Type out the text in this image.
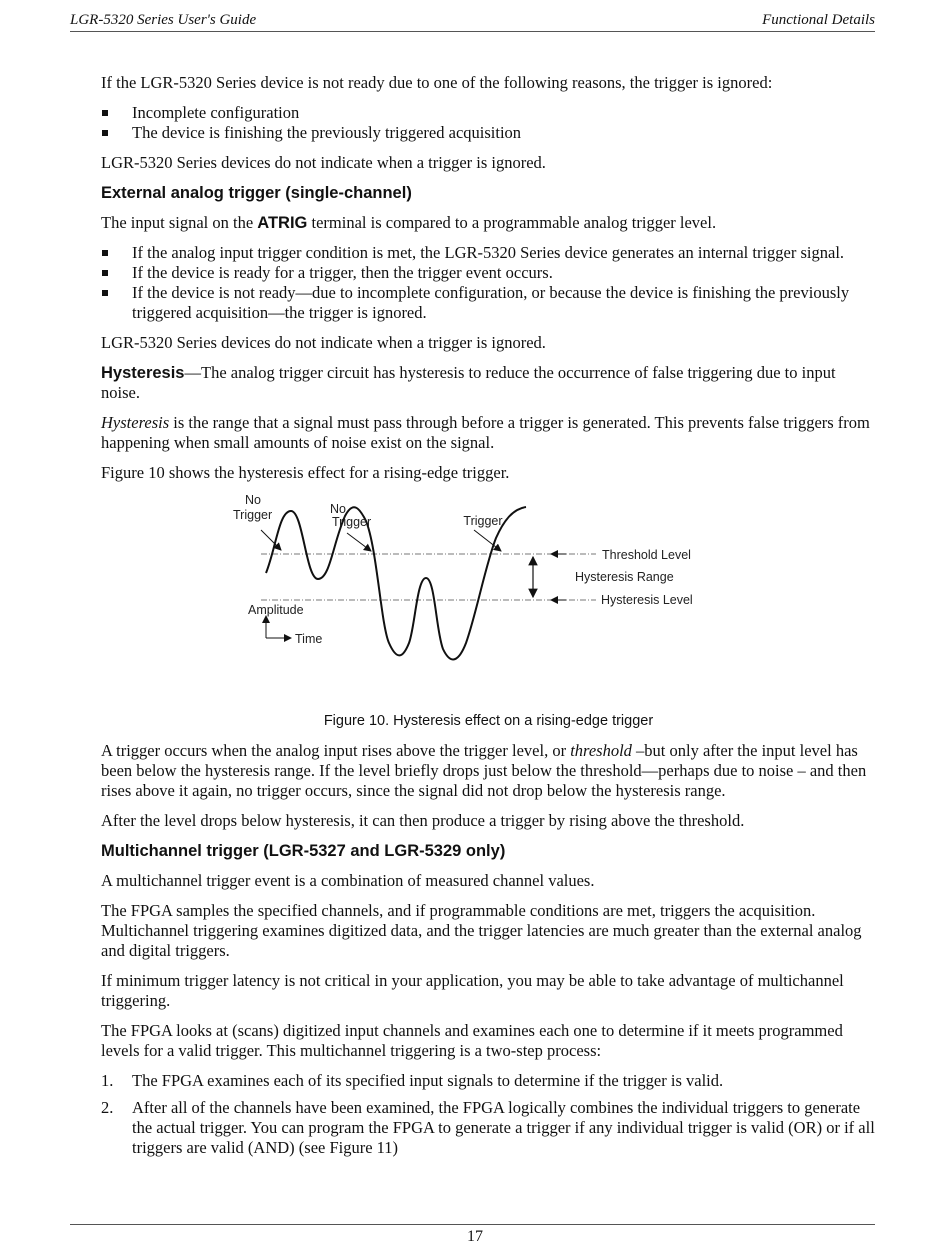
LGR-5320 Series User's Guide	Functional Details

If the LGR-5320 Series device is not ready due to one of the following reasons, the trigger is ignored:

Incomplete configuration
The device is finishing the previously triggered acquisition

LGR-5320 Series devices do not indicate when a trigger is ignored.

External analog trigger (single-channel)

The input signal on the ATRIG terminal is compared to a programmable analog trigger level.

If the analog input trigger condition is met, the LGR-5320 Series device generates an internal trigger signal.
If the device is ready for a trigger, then the trigger event occurs.
If the device is not ready—due to incomplete configuration, or because the device is finishing the previously triggered acquisition—the trigger is ignored.

LGR-5320 Series devices do not indicate when a trigger is ignored.

Hysteresis—The analog trigger circuit has hysteresis to reduce the occurrence of false triggering due to input noise.

Hysteresis is the range that a signal must pass through before a trigger is generated. This prevents false triggers from happening when small amounts of noise exist on the signal.

Figure 10 shows the hysteresis effect for a rising-edge trigger.

No
Trigger	No
Trigger	Trigger
Threshold Level
Hysteresis Range
Hysteresis Level
Amplitude
Time

Figure 10. Hysteresis effect on a rising-edge trigger

A trigger occurs when the analog input rises above the trigger level, or threshold –but only after the input level has been below the hysteresis range. If the level briefly drops just below the threshold—perhaps due to noise – and then rises above it again, no trigger occurs, since the signal did not drop below the hysteresis range.

After the level drops below hysteresis, it can then produce a trigger by rising above the threshold.

Multichannel trigger (LGR-5327 and LGR-5329 only)

A multichannel trigger event is a combination of measured channel values.

The FPGA samples the specified channels, and if programmable conditions are met, triggers the acquisition. Multichannel triggering examines digitized data, and the trigger latencies are much greater than the external analog and digital triggers.

If minimum trigger latency is not critical in your application, you may be able to take advantage of multichannel triggering.

The FPGA looks at (scans) digitized input channels and examines each one to determine if it meets programmed levels for a valid trigger. This multichannel triggering is a two-step process:

1. The FPGA examines each of its specified input signals to determine if the trigger is valid.
2. After all of the channels have been examined, the FPGA logically combines the individual triggers to generate the actual trigger. You can program the FPGA to generate a trigger if any individual trigger is valid (OR) or if all triggers are valid (AND) (see Figure 11)
17
